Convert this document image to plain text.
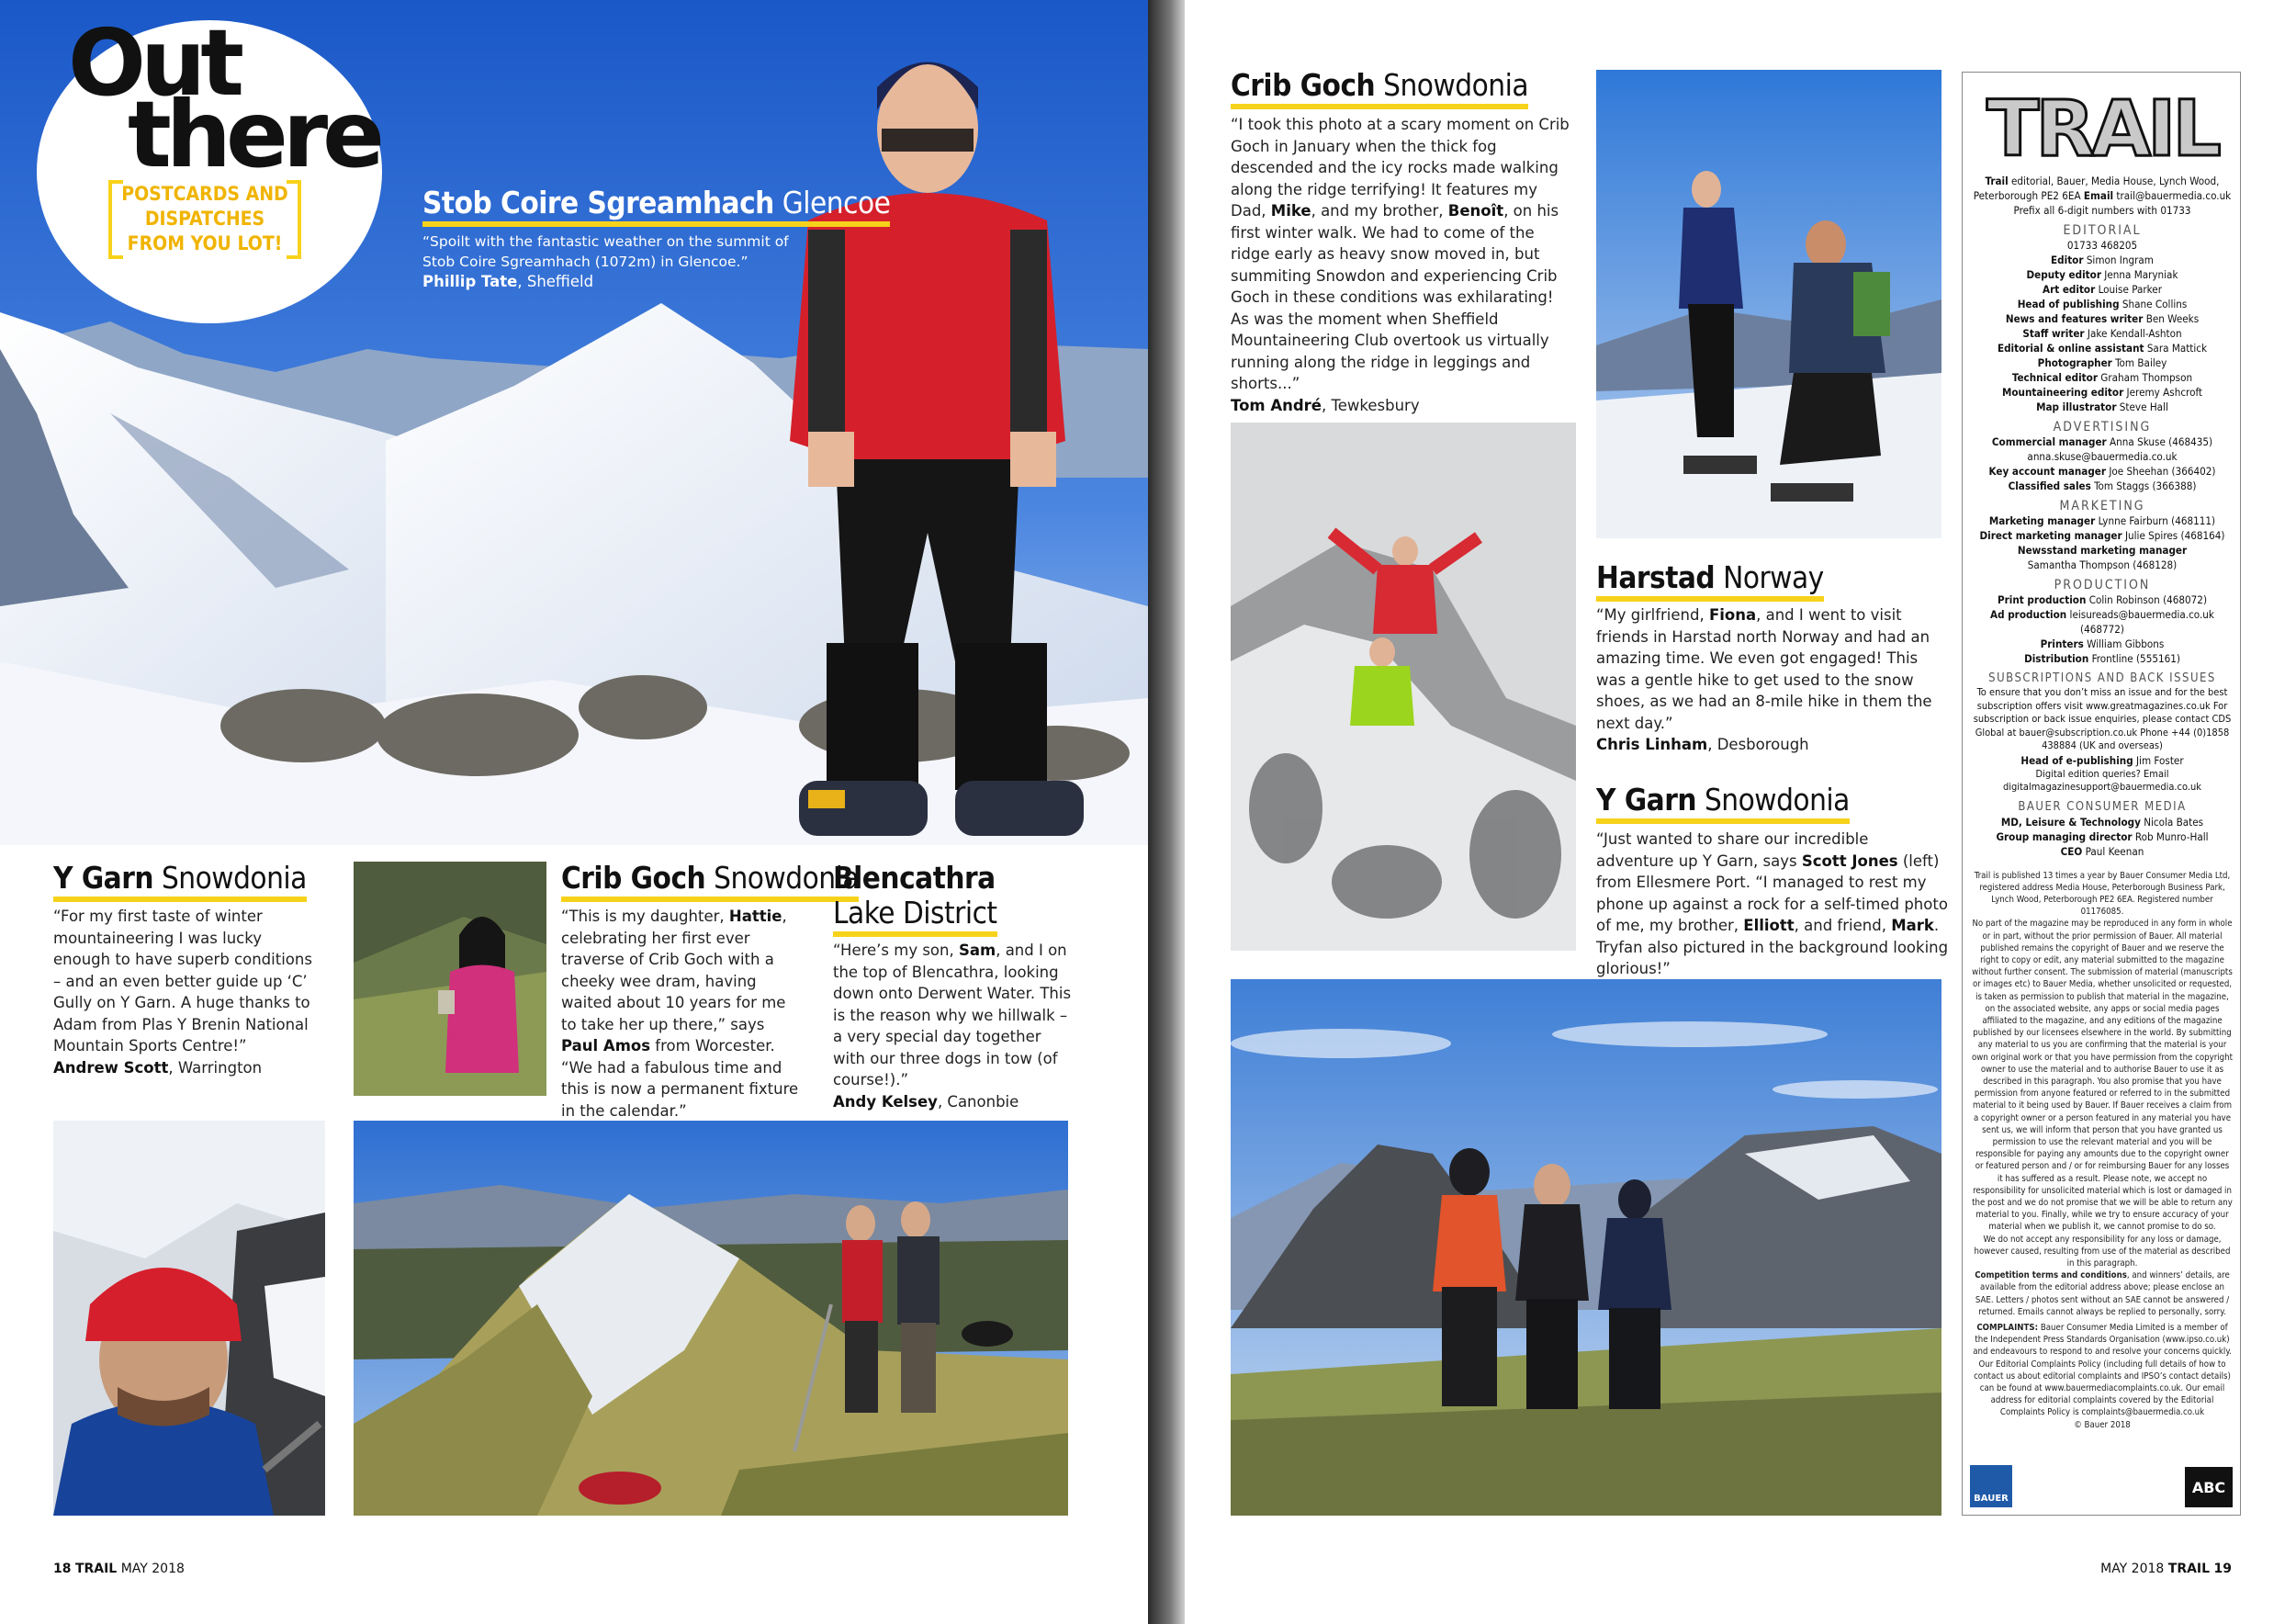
Out
there
POSTCARDS AND DISPATCHES FROM YOU LOT!
Stob Coire Sgreamhach Glencoe
“Spoilt with the fantastic weather on the summit of Stob Coire Sgreamhach (1072m) in Glencoe.”
Phillip Tate, Sheffield
Y Garn Snowdonia
“For my first taste of winter mountaineering I was lucky enough to have superb conditions – and an even better guide up ‘C’ Gully on Y Garn. A huge thanks to Adam from Plas Y Brenin National Mountain Sports Centre!”
Andrew Scott, Warrington
Crib Goch Snowdonia
“This is my daughter, Hattie, celebrating her first ever traverse of Crib Goch with a cheeky wee dram, having waited about 10 years for me to take her up there,” says Paul Amos from Worcester. “We had a fabulous time and this is now a permanent fixture in the calendar.”
Blencathra
Lake District
“Here’s my son, Sam, and I on the top of Blencathra, looking down onto Derwent Water. This is the reason why we hillwalk – a very special day together with our three dogs in tow (of course!).”
Andy Kelsey, Canonbie
18 TRAIL MAY 2018
Crib Goch Snowdonia
“I took this photo at a scary moment on Crib Goch in January when the thick fog descended and the icy rocks made walking along the ridge terrifying! It features my Dad, Mike, and my brother, Benoît, on his first winter walk. We had to come of the ridge early as heavy snow moved in, but summiting Snowdon and experiencing Crib Goch in these conditions was exhilarating! As was the moment when Sheffield Mountaineering Club overtook us virtually running along the ridge in leggings and shorts...”
Tom André, Tewkesbury
Harstad Norway
“My girlfriend, Fiona, and I went to visit friends in Harstad north Norway and had an amazing time. We even got engaged! This was a gentle hike to get used to the snow shoes, as we had an 8-mile hike in them the next day.”
Chris Linham, Desborough
Y Garn Snowdonia
“Just wanted to share our incredible adventure up Y Garn, says Scott Jones (left) from Ellesmere Port. “I managed to rest my phone up against a rock for a self-timed photo of me, my brother, Elliott, and friend, Mark. Tryfan also pictured in the background looking glorious!”
TRAIL
Trail editorial, Bauer, Media House, Lynch Wood, Peterborough PE2 6EA Email trail@bauermedia.co.uk
Prefix all 6-digit numbers with 01733
EDITORIAL
01733 468205
Editor Simon Ingram
Deputy editor Jenna Maryniak
Art editor Louise Parker
Head of publishing Shane Collins
News and features writer Ben Weeks
Staff writer Jake Kendall-Ashton
Editorial & online assistant Sara Mattick
Photographer Tom Bailey
Technical editor Graham Thompson
Mountaineering editor Jeremy Ashcroft
Map illustrator Steve Hall
ADVERTISING
Commercial manager Anna Skuse (468435)
anna.skuse@bauermedia.co.uk
Key account manager Joe Sheehan (366402)
Classified sales Tom Staggs (366388)
MARKETING
Marketing manager Lynne Fairburn (468111)
Direct marketing manager Julie Spires (468164)
Newsstand marketing manager
Samantha Thompson (468128)
PRODUCTION
Print production Colin Robinson (468072)
Ad production leisureads@bauermedia.co.uk (468772)
Printers William Gibbons
Distribution Frontline (555161)
SUBSCRIPTIONS AND BACK ISSUES
To ensure that you don’t miss an issue and for the best subscription offers visit www.greatmagazines.co.uk For subscription or back issue enquiries, please contact CDS Global at bauer@subscription.co.uk Phone +44 (0)1858 438884 (UK and overseas)
Head of e-publishing Jim Foster
Digital edition queries? Email digitalmagazinesupport@bauermedia.co.uk
BAUER CONSUMER MEDIA
MD, Leisure & Technology Nicola Bates
Group managing director Rob Munro-Hall
CEO Paul Keenan
Trail is published 13 times a year by Bauer Consumer Media Ltd, registered address Media House, Peterborough Business Park, Lynch Wood, Peterborough PE2 6EA. Registered number 01176085.
No part of the magazine may be reproduced in any form in whole or in part, without the prior permission of Bauer. All material published remains the copyright of Bauer and we reserve the right to copy or edit, any material submitted to the magazine without further consent. The submission of material (manuscripts or images etc) to Bauer Media, whether unsolicited or requested, is taken as permission to publish that material in the magazine, on the associated website, any apps or social media pages affiliated to the magazine, and any editions of the magazine published by our licensees elsewhere in the world. By submitting any material to us you are confirming that the material is your own original work or that you have permission from the copyright owner to use the material and to authorise Bauer to use it as described in this paragraph. You also promise that you have permission from anyone featured or referred to in the submitted material to it being used by Bauer. If Bauer receives a claim from a copyright owner or a person featured in any material you have sent us, we will inform that person that you have granted us permission to use the relevant material and you will be responsible for paying any amounts due to the copyright owner or featured person and / or for reimbursing Bauer for any losses it has suffered as a result. Please note, we accept no responsibility for unsolicited material which is lost or damaged in the post and we do not promise that we will be able to return any material to you. Finally, while we try to ensure accuracy of your material when we publish it, we cannot promise to do so.
We do not accept any responsibility for any loss or damage, however caused, resulting from use of the material as described in this paragraph.
Competition terms and conditions, and winners’ details, are available from the editorial address above; please enclose an SAE. Letters / photos sent without an SAE cannot be answered / returned. Emails cannot always be replied to personally, sorry.
COMPLAINTS: Bauer Consumer Media Limited is a member of the Independent Press Standards Organisation (www.ipso.co.uk) and endeavours to respond to and resolve your concerns quickly. Our Editorial Complaints Policy (including full details of how to contact us about editorial complaints and IPSO’s contact details) can be found at www.bauermediacomplaints.co.uk. Our email address for editorial complaints covered by the Editorial Complaints Policy is complaints@bauermedia.co.uk
© Bauer 2018
BAUER
ABC
MAY 2018 TRAIL 19
